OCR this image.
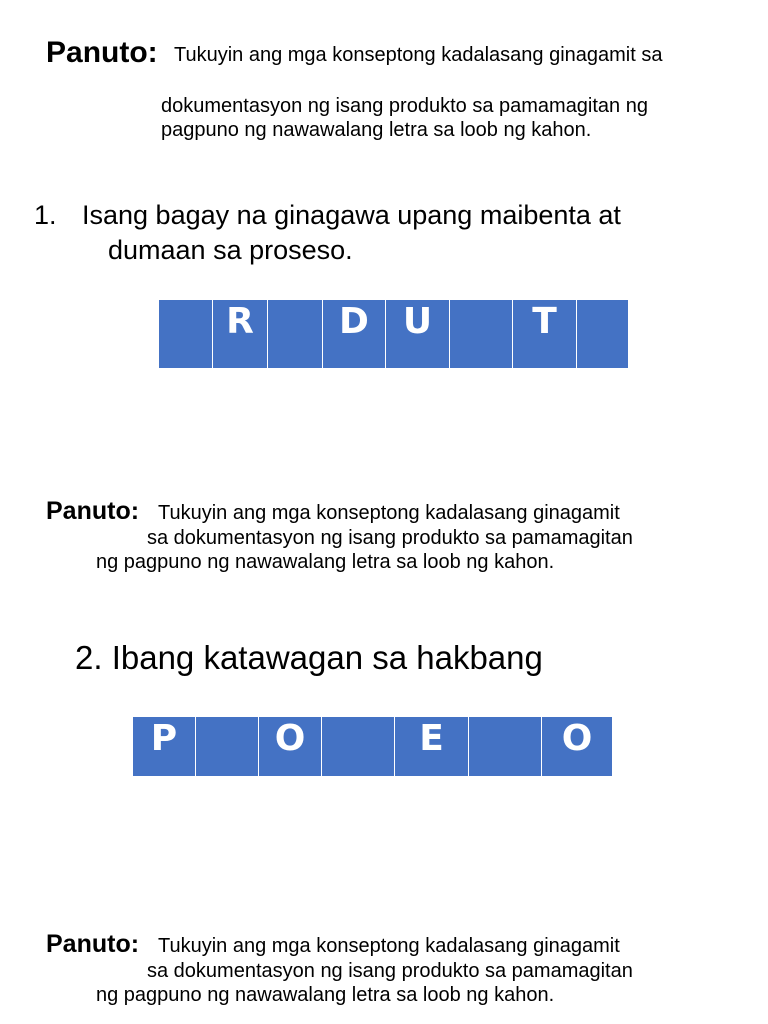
Panuto: Tukuyin ang mga konseptong kadalasang ginagamit sa
dokumentasyon ng isang produkto sa pamamagitan ng
pagpuno ng nawawalang letra sa loob ng kahon.
1. Isang bagay na ginagawa upang maibenta at
dumaan sa proseso.
R	D U	T
Panuto: Tukuyin ang mga konseptong kadalasang ginagamit
sa dokumentasyon ng isang produkto sa pamamagitan
ng pagpuno ng nawawalang letra sa loob ng kahon.
2. Ibang katawagan sa hakbang
P	O	E	O
Panuto: Tukuyin ang mga konseptong kadalasang ginagamit
sa dokumentasyon ng isang produkto sa pamamagitan
ng pagpuno ng nawawalang letra sa loob ng kahon.
